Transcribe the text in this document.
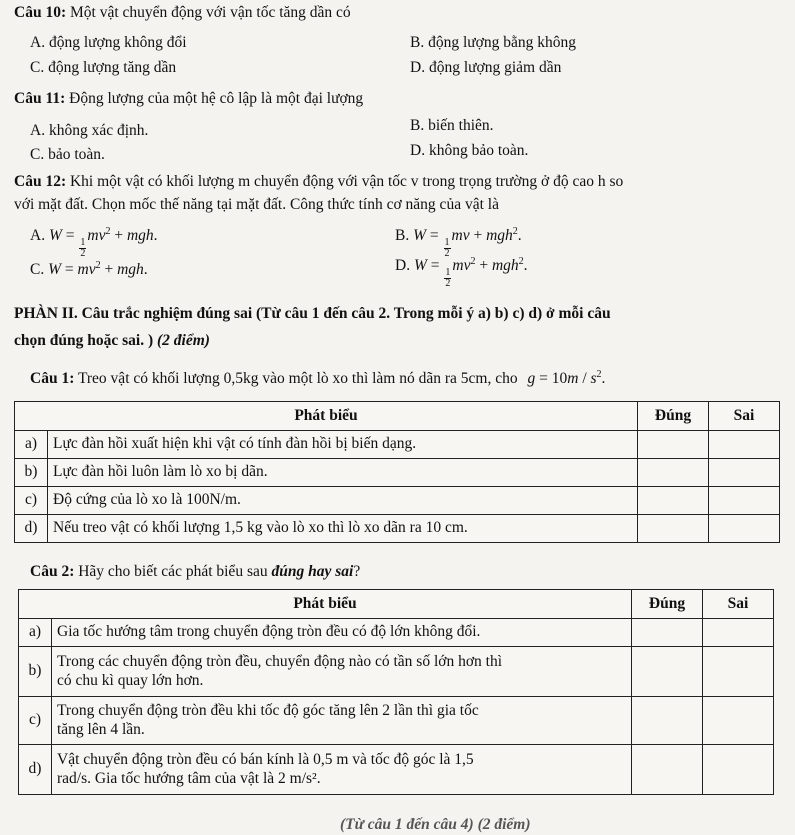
Câu 10: Một vật chuyển động với vận tốc tăng dần có
A. động lượng không đổi	B. động lượng bằng không
C. động lượng tăng dần	D. động lượng giảm dần
Câu 11: Động lượng của một hệ cô lập là một đại lượng
A. không xác định.	B. biến thiên.
C. bảo toàn.	D. không bảo toàn.
Câu 12: Khi một vật có khối lượng m chuyển động với vận tốc v trong trọng trường ở độ cao h so
với mặt đất. Chọn mốc thế năng tại mặt đất. Công thức tính cơ năng của vật là
A. W =
$\frac{1}{2}$
$mv^2$ + mgh.	B. W =
$\frac{1}{2}$
mv + mgh$^2$.
C. $W = mv^2$ + mgh.	D. W =
$\frac{1}{2}$
$mv^2 + mgh^2$.
PHÀN II. Câu trắc nghiệm đúng sai (Từ câu 1 đến câu 2. Trong mỗi ý a) b) c) d) ở mỗi câu
chọn đúng hoặc sai. ) (2 điểm)
Câu 1: Treo vật có khối lượng 0,5kg vào một lò xo thì làm nó dãn ra 5cm, cho $g = 10m / s^2$.
Phát biểu		Đúng	Sai
a)	Lực đàn hồi xuất hiện khi vật có tính đàn hồi bị biến dạng.		
b)	Lực đàn hồi luôn làm lò xo bị dãn.		
c)	Độ cứng của lò xo là 100N/m.		
d)	Nếu treo vật có khối lượng 1,5 kg vào lò xo thì lò xo dãn ra 10 cm.		
Câu 2: Hãy cho biết các phát biểu sau đúng hay sai?
Phát biểu		Đúng	Sai
a)	Gia tốc hướng tâm trong chuyển động tròn đều có độ lớn không đổi.		
b)	Trong các chuyển động tròn đều, chuyển động nào có tần số lớn hơn thì
có chu kì quay lớn hơn.		

c)	Trong chuyển động tròn đều khi tốc độ góc tăng lên 2 lần thì gia tốc
tăng lên 4 lần.		

d)	Vật chuyển động tròn đều có bán kính là 0,5 m và tốc độ góc là 1,5
rad/s. Gia tốc hướng tâm của vật là 2 m/s².		

(Từ câu 1 đến câu 4) (2 điểm)
